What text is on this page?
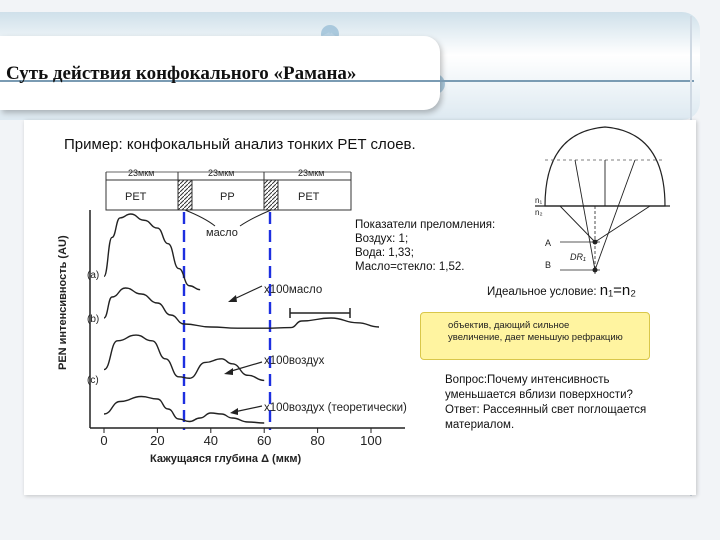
Суть действия конфокального «Рамана»
Пример: конфокальный анализ тонких PET слоев.
23мкм	23мкм	23мкм
PET	PP	PET
масло
0	20	40	60	80	100
PEN интенсивность (AU)
Кажущаяся глубина Δ (мкм)
(a)
(b)
(c)
x100масло
x100воздух
x100воздух (теоретически)
n₁
n₂
A
B
DR₁
Показатели преломления:
Воздух: 1;
Вода: 1,33;
Масло=стекло: 1,52.
Идеальное условие: n₁=n₂
объектив, дающий сильное
увеличение, дает меньшую рефракцию
Вопрос:Почему интенсивность
уменьшается вблизи поверхности?
Ответ: Рассеянный свет поглощается
материалом.
